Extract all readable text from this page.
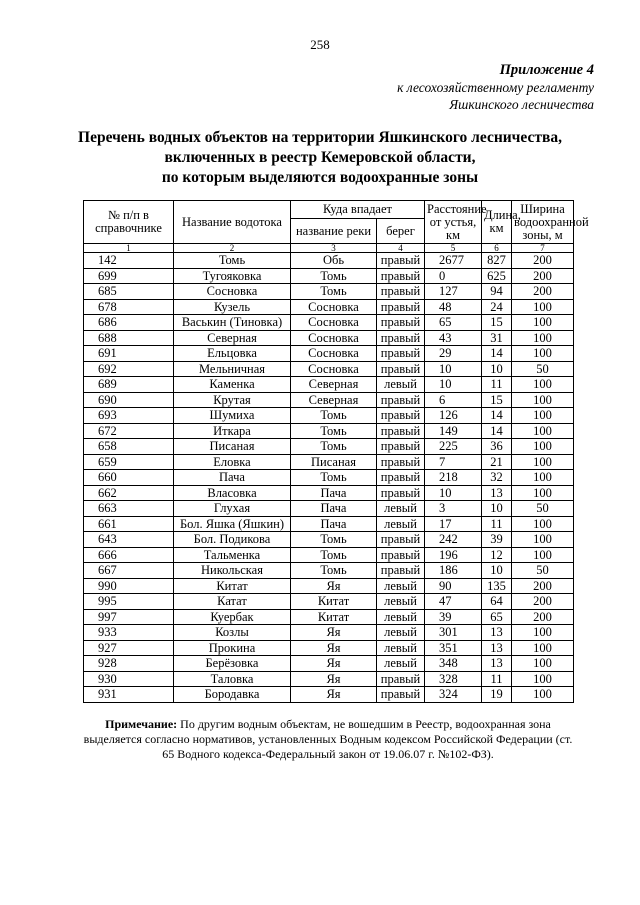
258
Приложение 4
к лесохозяйственному регламенту
Яшкинского лесничества
Перечень водных объектов на территории Яшкинского лесничества,
включенных в реестр Кемеровской области,
по которым выделяются водоохранные зоны
№ п/п в справочнике	Название водотока	Куда впадает		Расстояние от устья, км	Длина, км	Ширина водоохранной зоны, м
		название реки	берег			
1	2	3	4	5	6	7
142	Томь	Обь	правый	2677	827	200
699	Тугояковка	Томь	правый	0	625	200
685	Сосновка	Томь	правый	127	94	200
678	Кузель	Сосновка	правый	48	24	100
686	Васькин (Тиновка)	Сосновка	правый	65	15	100
688	Северная	Сосновка	правый	43	31	100
691	Ельцовка	Сосновка	правый	29	14	100
692	Мельничная	Сосновка	правый	10	10	50
689	Каменка	Северная	левый	10	11	100
690	Крутая	Северная	правый	6	15	100
693	Шумиха	Томь	правый	126	14	100
672	Иткара	Томь	правый	149	14	100
658	Писаная	Томь	правый	225	36	100
659	Еловка	Писаная	правый	7	21	100
660	Пача	Томь	правый	218	32	100
662	Власовка	Пача	правый	10	13	100
663	Глухая	Пача	левый	3	10	50
661	Бол. Яшка (Яшкин)	Пача	левый	17	11	100
643	Бол. Подикова	Томь	правый	242	39	100
666	Тальменка	Томь	правый	196	12	100
667	Никольская	Томь	правый	186	10	50
990	Китат	Яя	левый	90	135	200
995	Катат	Китат	левый	47	64	200
997	Куербак	Китат	левый	39	65	200
933	Козлы	Яя	левый	301	13	100
927	Прокина	Яя	левый	351	13	100
928	Берёзовка	Яя	левый	348	13	100
930	Таловка	Яя	правый	328	11	100
931	Бородавка	Яя	правый	324	19	100
Примечание: По другим водным объектам, не вошедшим в Реестр, водоохранная зона выделяется согласно нормативов, установленных Водным кодексом Российской Федерации (ст. 65 Водного кодекса-Федеральный закон от 19.06.07 г. №102-ФЗ).
